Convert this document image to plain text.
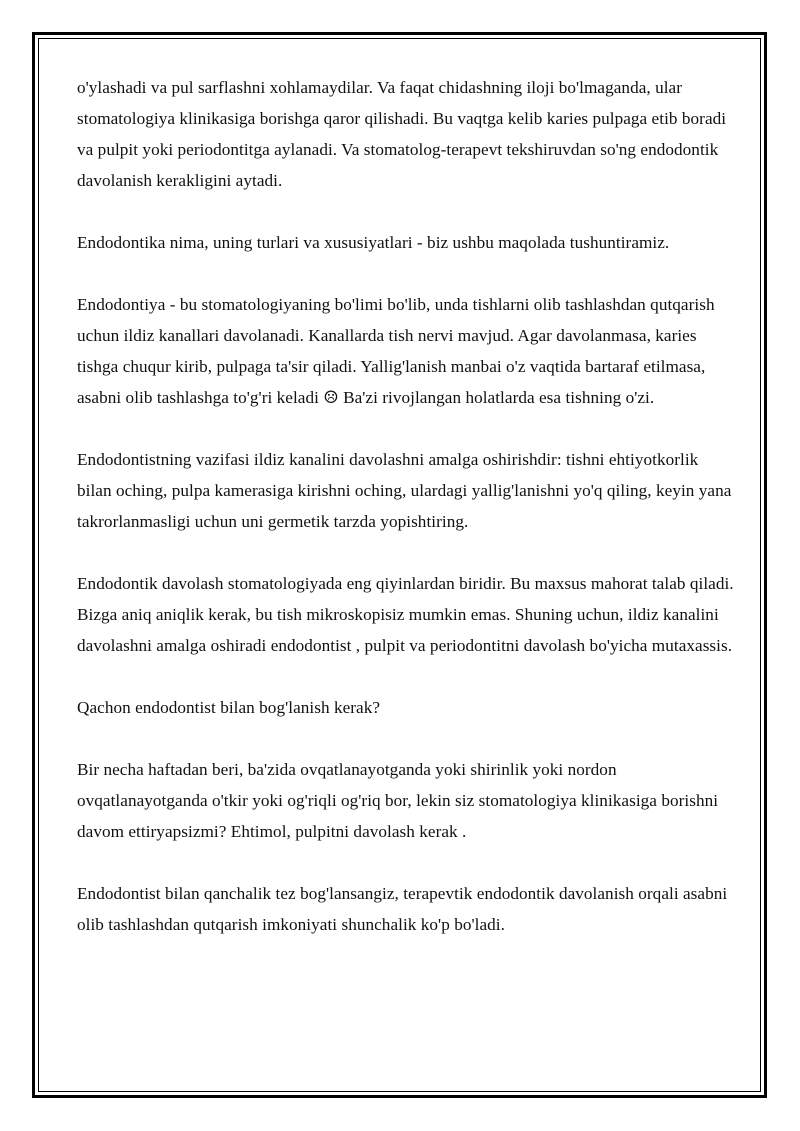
o'ylashadi va pul sarflashni xohlamaydilar. Va faqat chidashning iloji bo'lmaganda, ular stomatologiya klinikasiga borishga qaror qilishadi. Bu vaqtga kelib karies pulpaga etib boradi va pulpit yoki periodontitga aylanadi. Va stomatolog-terapevt tekshiruvdan so'ng endodontik davolanish kerakligini aytadi.

Endodontika nima, uning turlari va xususiyatlari - biz ushbu maqolada tushuntiramiz.

Endodontiya - bu stomatologiyaning bo'limi bo'lib, unda tishlarni olib tashlashdan qutqarish uchun ildiz kanallari davolanadi. Kanallarda tish nervi mavjud. Agar davolanmasa, karies tishga chuqur kirib, pulpaga ta'sir qiladi. Yallig'lanish manbai o'z vaqtida bartaraf etilmasa, asabni olib tashlashga to'g'ri keladi ☹ Ba'zi rivojlangan holatlarda esa tishning o'zi.

Endodontistning vazifasi ildiz kanalini davolashni amalga oshirishdir: tishni ehtiyotkorlik bilan oching, pulpa kamerasiga kirishni oching, ulardagi yallig'lanishni yo'q qiling, keyin yana takrorlanmasligi uchun uni germetik tarzda yopishtiring.

Endodontik davolash stomatologiyada eng qiyinlardan biridir. Bu maxsus mahorat talab qiladi. Bizga aniq aniqlik kerak, bu tish mikroskopisiz mumkin emas. Shuning uchun, ildiz kanalini davolashni amalga oshiradi endodontist , pulpit va periodontitni davolash bo'yicha mutaxassis.

Qachon endodontist bilan bog'lanish kerak?

Bir necha haftadan beri, ba'zida ovqatlanayotganda yoki shirinlik yoki nordon ovqatlanayotganda o'tkir yoki og'riqli og'riq bor, lekin siz stomatologiya klinikasiga borishni davom ettiryapsizmi? Ehtimol, pulpitni davolash kerak .

Endodontist bilan qanchalik tez bog'lansangiz, terapevtik endodontik davolanish orqali asabni olib tashlashdan qutqarish imkoniyati shunchalik ko'p bo'ladi.
